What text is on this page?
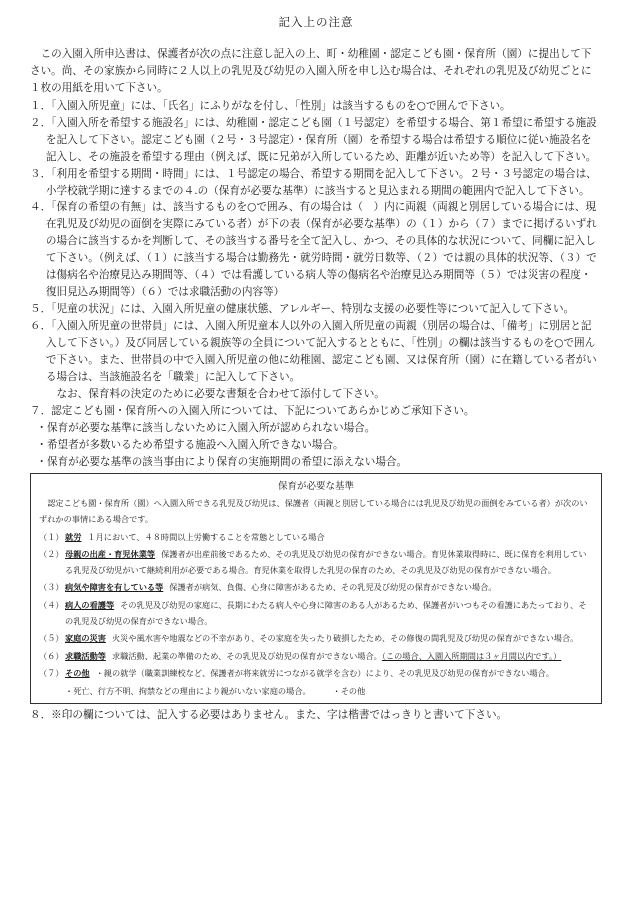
記入上の注意

この入園入所申込書は、保護者が次の点に注意し記入の上、町・幼稚園・認定こども園・保育所（園）に提出して下さい。尚、その家族から同時に２人以上の乳児及び幼児の入園入所を申し込む場合は、それぞれの乳児及び幼児ごとに１枚の用紙を用いて下さい。

１．「入園入所児童」には、「氏名」にふりがなを付し、「性別」は該当するものを○で囲んで下さい。

２．「入園入所を希望する施設名」には、幼稚園・認定こども園（１号認定）を希望する場合、第１希望に希望する施設を記入して下さい。認定こども園（２号・３号認定）・保育所（園）を希望する場合は希望する順位に従い施設名を記入し、その施設を希望する理由（例えば、既に兄弟が入所しているため、距離が近いため等）を記入して下さい。

３．「利用を希望する期間・時間」には、１号認定の場合、希望する期間を記入して下さい。２号・３号認定の場合は、小学校就学期に達するまでの４.の（保育が必要な基準）に該当すると見込まれる期間の範囲内で記入して下さい。

４．「保育の希望の有無」は、該当するものを○で囲み、有の場合は（　）内に両親（両親と別居している場合には、現在乳児及び幼児の面倒を実際にみている者）が下の表（保育が必要な基準）の（１）から（７）までに掲げるいずれの場合に該当するかを判断して、その該当する番号を全て記入し、かつ、その具体的な状況について、同欄に記入して下さい。（例えば、（１）に該当する場合は勤務先・就労時間・就労日数等、（２）では親の具体的状況等、（３）では傷病名や治療見込み期間等、（４）では看護している病人等の傷病名や治療見込み期間等（５）では災害の程度・復旧見込み期間等）（６）では求職活動の内容等）

５．「児童の状況」には、入園入所児童の健康状態、アレルギー、特別な支援の必要性等について記入して下さい。

６．「入園入所児童の世帯員」には、入園入所児童本人以外の入園入所児童の両親（別居の場合は、「備考」に別居と記入して下さい。）及び同居している親族等の全員について記入するとともに、「性別」の欄は該当するものを○で囲んで下さい。また、世帯員の中で入園入所児童の他に幼稚園、認定こども園、又は保育所（園）に在籍している者がいる場合は、当該施設名を「職業」に記入して下さい。

なお、保育料の決定のために必要な書類を合わせて添付して下さい。

７．認定こども園・保育所への入園入所については、下記についてあらかじめご承知下さい。

・ 保育が必要な基準に該当しないために入園入所が認められない場合。

・ 希望者が多数いるため希望する施設へ入園入所できない場合。

・ 保育が必要な基準の該当事由により保育の実施期間の希望に添えない場合。

保育が必要な基準

認定こども園・保育所（園）へ入園入所できる乳児及び幼児は、保護者（両親と別居している場合には乳児及び幼児の面倒をみている者）が次のいずれかの事情にある場合です。

（１） 就労 １月において、４８時間以上労働することを常態としている場合
（２） 母親の出産・育児休業等 保護者が出産前後であるため、その乳児及び幼児の保育ができない場合。育児休業取得時に、既に保育を利用している乳児及び幼児がいて継続利用が必要である場合。育児休業を取得した乳児の保育のため、その乳児及び幼児の保育ができない場合。
（３） 病気や障害を有している等 保護者が病気、負傷、心身に障害があるため、その乳児及び幼児の保育ができない場合。
（４） 病人の看護等 その乳児及び幼児の家庭に、長期にわたる病人や心身に障害のある人があるため、保護者がいつもその看護にあたっており、その乳児及び幼児の保育ができない場合。
（５） 家庭の災害 火災や風水害や地震などの不幸があり、その家庭を失ったり破損したため、その修復の間乳児及び幼児の保育ができない場合。
（６） 求職活動等 求職活動、起業の準備のため、その乳児及び幼児の保育ができない場合。（この場合、入園入所期間は３ヶ月間以内です。）
（７） その他 ・親の就学（職業訓練校など、保護者が将来就労につながる就学を含む）により、その乳児及び幼児の保育ができない場合。

・死亡、行方不明、拘禁などの理由により親がいない家庭の場合。	・その他

８．※印の欄については、記入する必要はありません。また、字は楷書ではっきりと書いて下さい。
